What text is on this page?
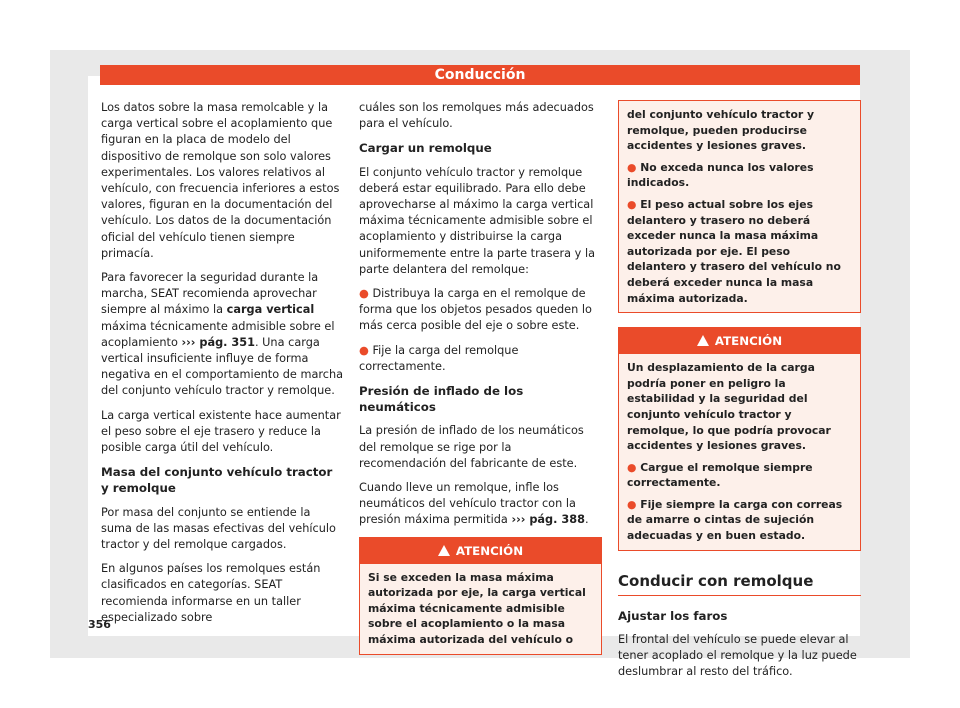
Conducción

Los datos sobre la masa remolcable y la carga vertical sobre el acoplamiento que figuran en la placa de modelo del dispositivo de remolque son solo valores experimentales. Los valores relativos al vehículo, con frecuencia inferiores a estos valores, figuran en la documentación del vehículo. Los datos de la documentación oficial del vehículo tienen siempre primacía.

Para favorecer la seguridad durante la marcha, SEAT recomienda aprovechar siempre al máximo la carga vertical máxima técnicamente admisible sobre el acoplamiento ››› pág. 351. Una carga vertical insuficiente influye de forma negativa en el comportamiento de marcha del conjunto vehículo tractor y remolque.

La carga vertical existente hace aumentar el peso sobre el eje trasero y reduce la posible carga útil del vehículo.

Masa del conjunto vehículo tractor y remolque

Por masa del conjunto se entiende la suma de las masas efectivas del vehículo tractor y del remolque cargados.

En algunos países los remolques están clasificados en categorías. SEAT recomienda informarse en un taller especializado sobre

cuáles son los remolques más adecuados para el vehículo.

Cargar un remolque

El conjunto vehículo tractor y remolque deberá estar equilibrado. Para ello debe aprovecharse al máximo la carga vertical máxima técnicamente admisible sobre el acoplamiento y distribuirse la carga uniformemente entre la parte trasera y la parte delantera del remolque:

● Distribuya la carga en el remolque de forma que los objetos pesados queden lo más cerca posible del eje o sobre este.

● Fije la carga del remolque correctamente.

Presión de inflado de los neumáticos

La presión de inflado de los neumáticos del remolque se rige por la recomendación del fabricante de este.

Cuando lleve un remolque, infle los neumáticos del vehículo tractor con la presión máxima permitida ››› pág. 388.

ATENCIÓN

Si se exceden la masa máxima autorizada por eje, la carga vertical máxima técnicamente admisible sobre el acoplamiento o la masa máxima autorizada del vehículo o

del conjunto vehículo tractor y remolque, pueden producirse accidentes y lesiones graves.

● No exceda nunca los valores indicados.

● El peso actual sobre los ejes delantero y trasero no deberá exceder nunca la masa máxima autorizada por eje. El peso delantero y trasero del vehículo no deberá exceder nunca la masa máxima autorizada.

ATENCIÓN

Un desplazamiento de la carga podría poner en peligro la estabilidad y la seguridad del conjunto vehículo tractor y remolque, lo que podría provocar accidentes y lesiones graves.

● Cargue el remolque siempre correctamente.

● Fije siempre la carga con correas de amarre o cintas de sujeción adecuadas y en buen estado.

Conducir con remolque

Ajustar los faros

El frontal del vehículo se puede elevar al tener acoplado el remolque y la luz puede deslumbrar al resto del tráfico.

356
